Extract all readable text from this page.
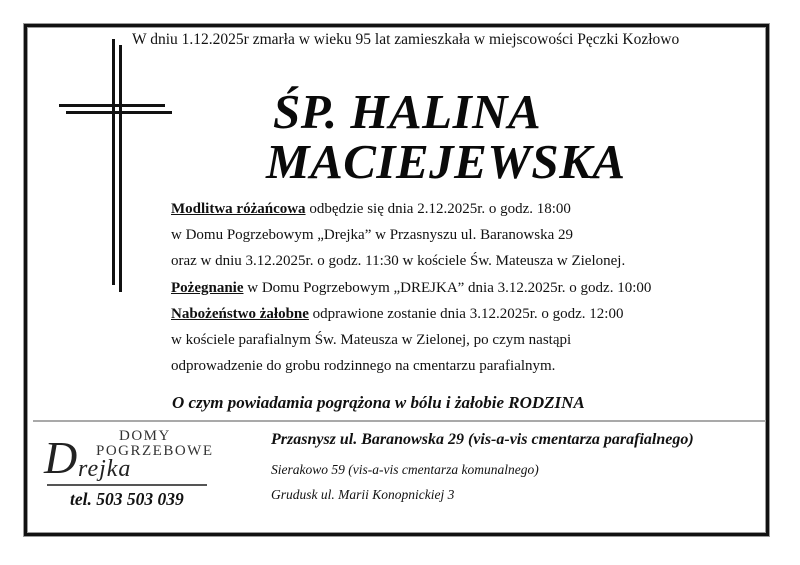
W dniu 1.12.2025r zmarła w wieku 95 lat zamieszkała w miejscowości Pęczki Kozłowo
ŚP. HALINA
MACIEJEWSKA
Modlitwa różańcowa odbędzie się dnia 2.12.2025r. o godz. 18:00
w Domu Pogrzebowym „Drejka” w Przasnyszu ul. Baranowska 29
oraz w dniu 3.12.2025r. o godz. 11:30 w kościele Św. Mateusza w Zielonej.
Pożegnanie w Domu Pogrzebowym „DREJKA” dnia 3.12.2025r. o godz. 10:00
Nabożeństwo żałobne odprawione zostanie dnia 3.12.2025r. o godz. 12:00
w kościele parafialnym Św. Mateusza w Zielonej, po czym nastąpi
odprowadzenie do grobu rodzinnego na cmentarzu parafialnym.
O czym powiadamia pogrążona w bólu i żałobie RODZINA
DOMY
POGRZEBOWE
D rejka
tel. 503 503 039
Przasnysz ul. Baranowska 29 (vis-a-vis cmentarza parafialnego)
Sierakowo 59 (vis-a-vis cmentarza komunalnego)
Grudusk ul. Marii Konopnickiej 3
